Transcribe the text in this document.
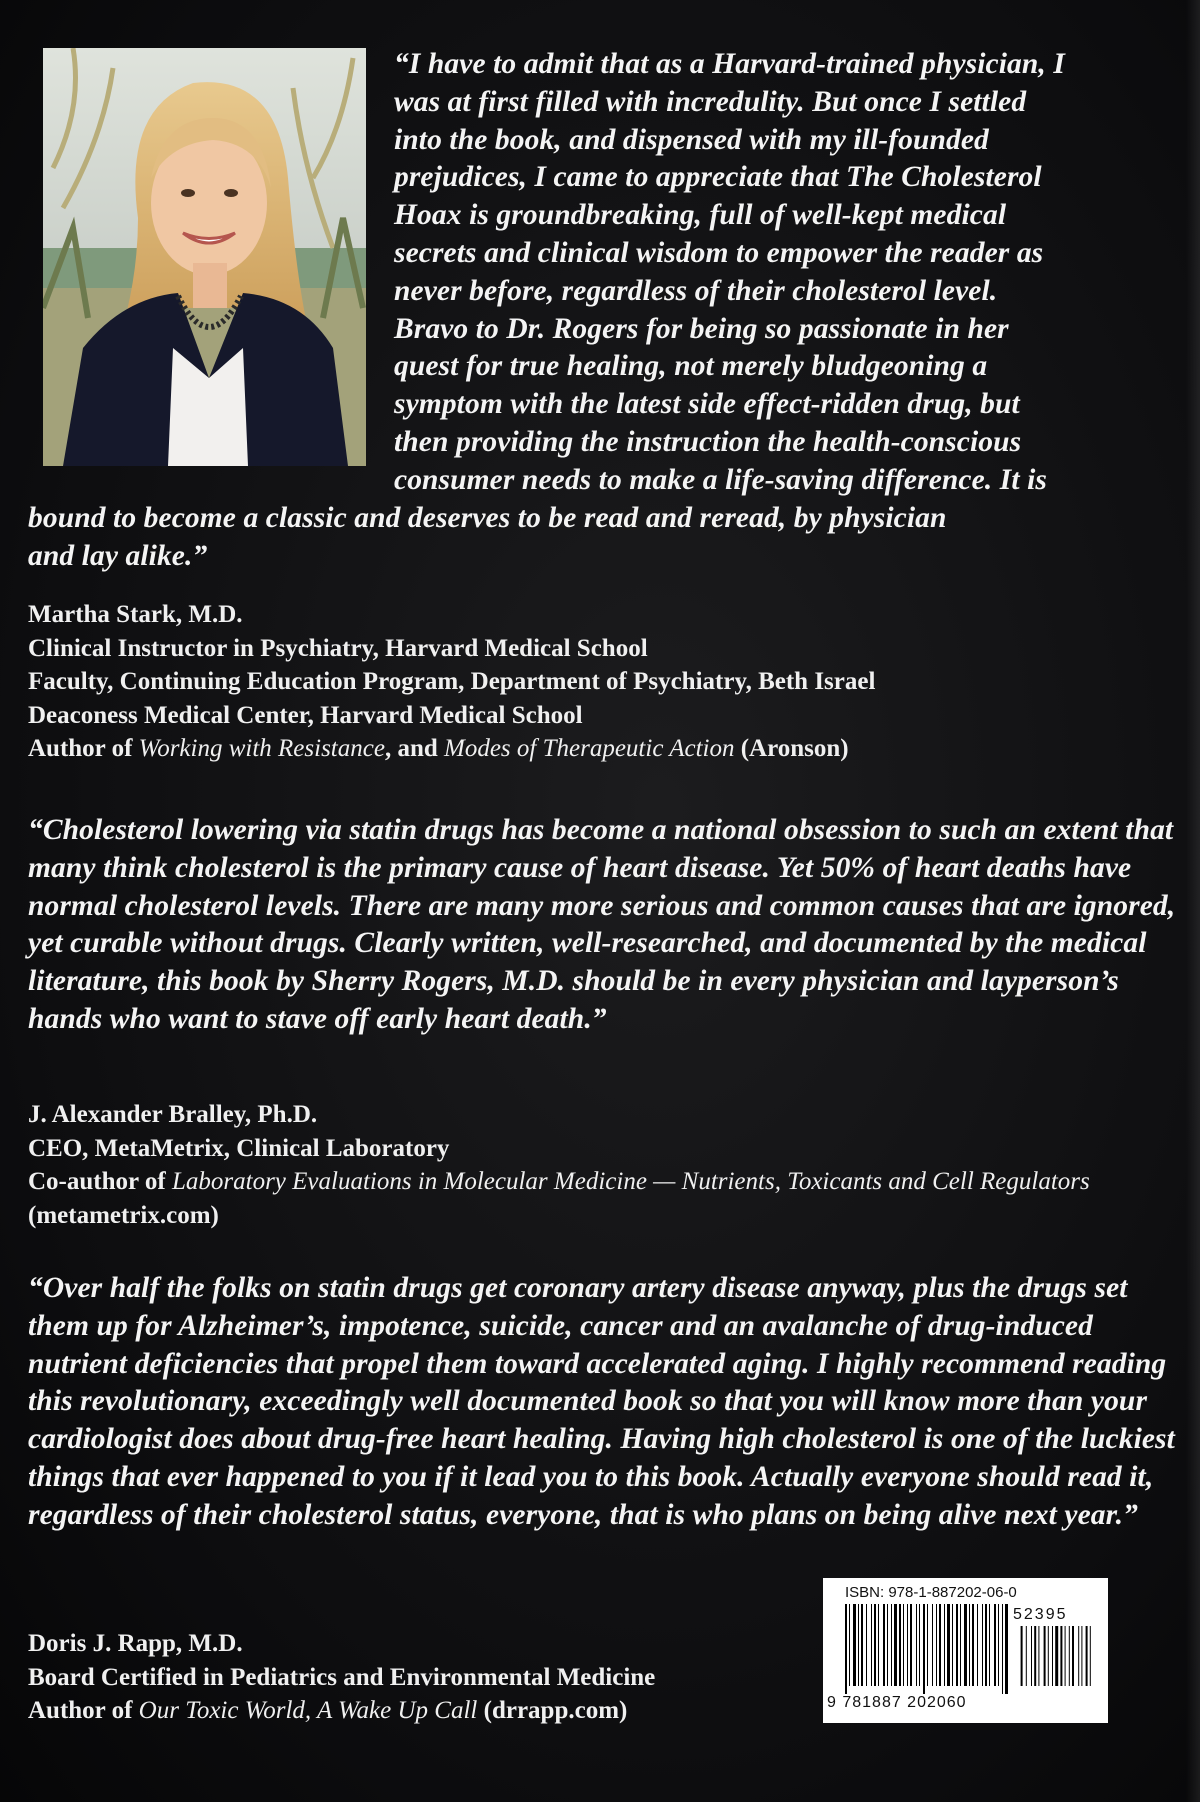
“I have to admit that as a Harvard-trained physician, I
was at first filled with incredulity. But once I settled
into the book, and dispensed with my ill-founded
prejudices, I came to appreciate that The Cholesterol
Hoax is groundbreaking, full of well-kept medical
secrets and clinical wisdom to empower the reader as
never before, regardless of their cholesterol level.
Bravo to Dr. Rogers for being so passionate in her
quest for true healing, not merely bludgeoning a
symptom with the latest side effect-ridden drug, but
then providing the instruction the health-conscious
consumer needs to make a life-saving difference. It is
bound to become a classic and deserves to be read and reread, by physician
and lay alike.”
Martha Stark, M.D.
Clinical Instructor in Psychiatry, Harvard Medical School
Faculty, Continuing Education Program, Department of Psychiatry, Beth Israel
Deaconess Medical Center, Harvard Medical School
Author of Working with Resistance, and Modes of Therapeutic Action (Aronson)
“Cholesterol lowering via statin drugs has become a national obsession to such an extent that many think cholesterol is the primary cause of heart disease. Yet 50% of heart deaths have normal cholesterol levels. There are many more serious and common causes that are ignored, yet curable without drugs. Clearly written, well-researched, and documented by the medical literature, this book by Sherry Rogers, M.D. should be in every physician and layperson’s hands who want to stave off early heart death.”
J. Alexander Bralley, Ph.D.
CEO, MetaMetrix, Clinical Laboratory
Co-author of Laboratory Evaluations in Molecular Medicine — Nutrients, Toxicants and Cell Regulators (metametrix.com)
“Over half the folks on statin drugs get coronary artery disease anyway, plus the drugs set them up for Alzheimer’s, impotence, suicide, cancer and an avalanche of drug-induced nutrient deficiencies that propel them toward accelerated aging. I highly recommend reading this revolutionary, exceedingly well documented book so that you will know more than your cardiologist does about drug-free heart healing. Having high cholesterol is one of the luckiest things that ever happened to you if it lead you to this book. Actually everyone should read it, regardless of their cholesterol status, everyone, that is who plans on being alive next year.”
Doris J. Rapp, M.D.
Board Certified in Pediatrics and Environmental Medicine
Author of Our Toxic World, A Wake Up Call (drrapp.com)
ISBN: 978-1-887202-06-0
52395
9 781887 202060
